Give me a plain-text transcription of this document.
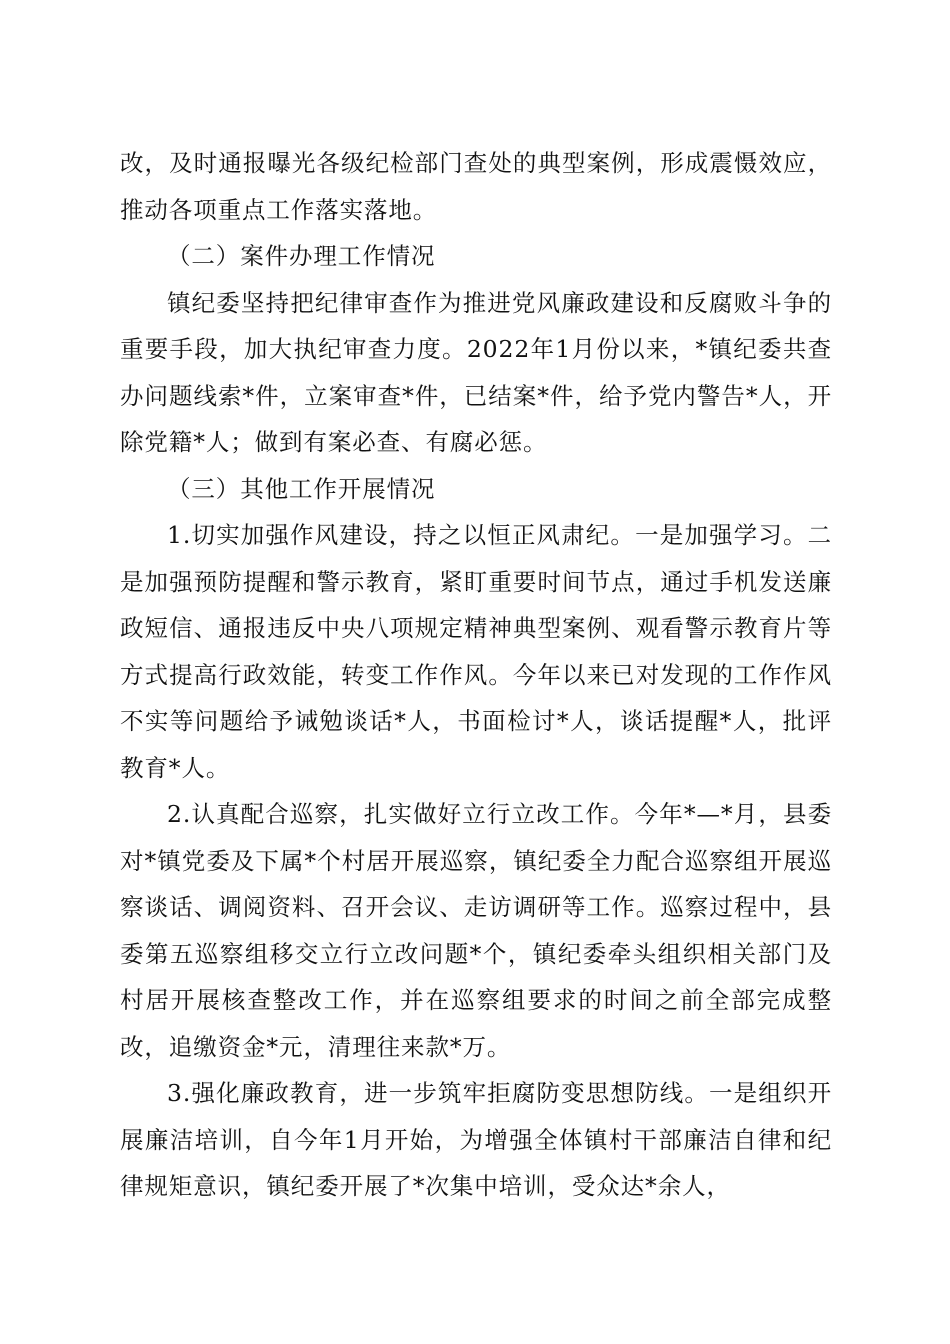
改，及时通报曝光各级纪检部门查处的典型案例，形成震慑效应，推动各项重点工作落实落地。

（二）案件办理工作情况

镇纪委坚持把纪律审查作为推进党风廉政建设和反腐败斗争的重要手段，加大执纪审查力度。2022年1月份以来，*镇纪委共查办问题线索*件，立案审查*件，已结案*件，给予党内警告*人，开除党籍*人；做到有案必查、有腐必惩。

（三）其他工作开展情况

1.切实加强作风建设，持之以恒正风肃纪。一是加强学习。二是加强预防提醒和警示教育，紧盯重要时间节点，通过手机发送廉政短信、通报违反中央八项规定精神典型案例、观看警示教育片等方式提高行政效能，转变工作作风。今年以来已对发现的工作作风不实等问题给予诫勉谈话*人，书面检讨*人，谈话提醒*人，批评教育*人。

2.认真配合巡察，扎实做好立行立改工作。今年*—*月，县委对*镇党委及下属*个村居开展巡察，镇纪委全力配合巡察组开展巡察谈话、调阅资料、召开会议、走访调研等工作。巡察过程中，县委第五巡察组移交立行立改问题*个，镇纪委牵头组织相关部门及村居开展核查整改工作，并在巡察组要求的时间之前全部完成整改，追缴资金*元，清理往来款*万。

3.强化廉政教育，进一步筑牢拒腐防变思想防线。一是组织开展廉洁培训，自今年1月开始，为增强全体镇村干部廉洁自律和纪律规矩意识，镇纪委开展了*次集中培训，受众达*余人，
